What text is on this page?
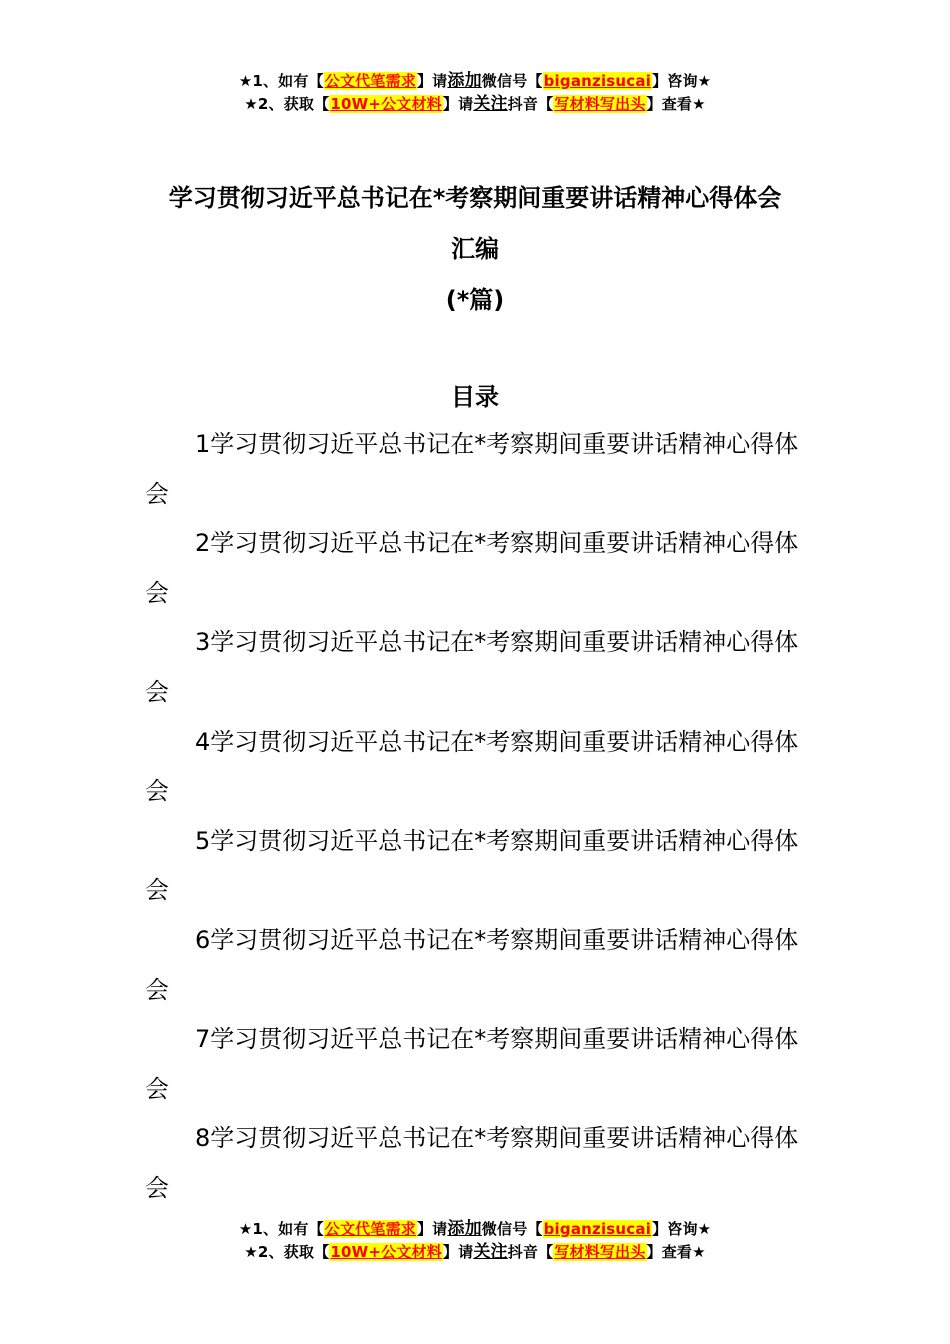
★1、如有【公文代笔需求】请添加微信号【biganzisucai】咨询★
★2、获取【10W+公文材料】请关注抖音【写材料写出头】查看★
学习贯彻习近平总书记在*考察期间重要讲话精神心得体会
汇编
(*篇)
目录

1学习贯彻习近平总书记在*考察期间重要讲话精神心得体会

2学习贯彻习近平总书记在*考察期间重要讲话精神心得体会

3学习贯彻习近平总书记在*考察期间重要讲话精神心得体会

4学习贯彻习近平总书记在*考察期间重要讲话精神心得体会

5学习贯彻习近平总书记在*考察期间重要讲话精神心得体会

6学习贯彻习近平总书记在*考察期间重要讲话精神心得体会

7学习贯彻习近平总书记在*考察期间重要讲话精神心得体会

8学习贯彻习近平总书记在*考察期间重要讲话精神心得体会

★1、如有【公文代笔需求】请添加微信号【biganzisucai】咨询★
★2、获取【10W+公文材料】请关注抖音【写材料写出头】查看★
